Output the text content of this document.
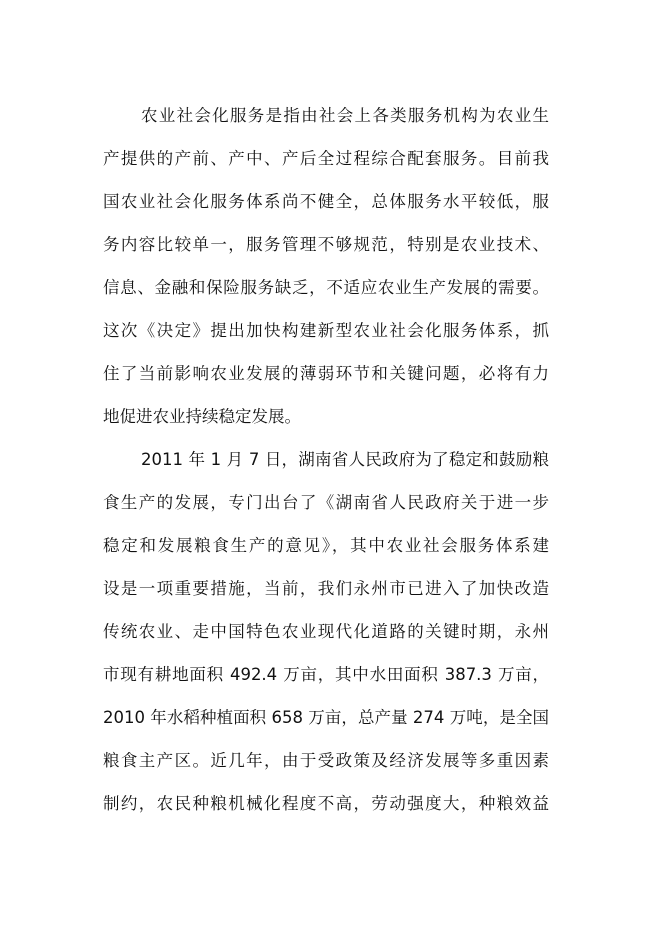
农业社会化服务是指由社会上各类服务机构为农业生
产提供的产前、产中、产后全过程综合配套服务。目前我
国农业社会化服务体系尚不健全，总体服务水平较低，服
务内容比较单一，服务管理不够规范，特别是农业技术、
信息、金融和保险服务缺乏，不适应农业生产发展的需要。
这次《决定》提出加快构建新型农业社会化服务体系，抓
住了当前影响农业发展的薄弱环节和关键问题，必将有力
地促进农业持续稳定发展。
2011 年 1 月 7 日，湖南省人民政府为了稳定和鼓励粮
食生产的发展，专门出台了《湖南省人民政府关于进一步
稳定和发展粮食生产的意见》，其中农业社会服务体系建
设是一项重要措施，当前，我们永州市已进入了加快改造
传统农业、走中国特色农业现代化道路的关键时期，永州
市现有耕地面积 492.4 万亩，其中水田面积 387.3 万亩，
2010 年水稻种植面积 658 万亩，总产量 274 万吨，是全国
粮食主产区。近几年，由于受政策及经济发展等多重因素
制约，农民种粮机械化程度不高，劳动强度大，种粮效益
